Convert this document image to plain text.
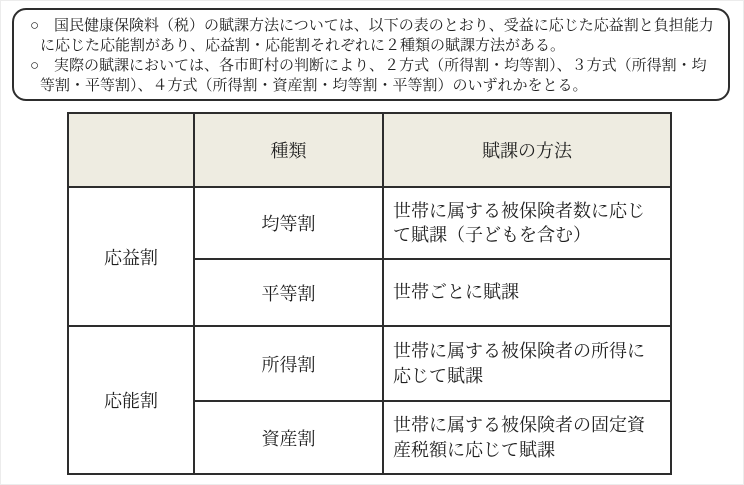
○　国民健康保険料（税）の賦課方法については、以下の表のとおり、受益に応じた応益割と負担能力に応じた応能割があり、応益割・応能割それぞれに２種類の賦課方法がある。

○　実際の賦課においては、各市町村の判断により、２方式（所得割・均等割）、３方式（所得割・均等割・平等割）、４方式（所得割・資産割・均等割・平等割）のいずれかをとる。

	種類	賦課の方法
応益割	均等割	世帯に属する被保険者数に応じて賦課（子どもを含む）
	平等割	世帯ごとに賦課
応能割	所得割	世帯に属する被保険者の所得に応じて賦課
	資産割	世帯に属する被保険者の固定資産税額に応じて賦課
